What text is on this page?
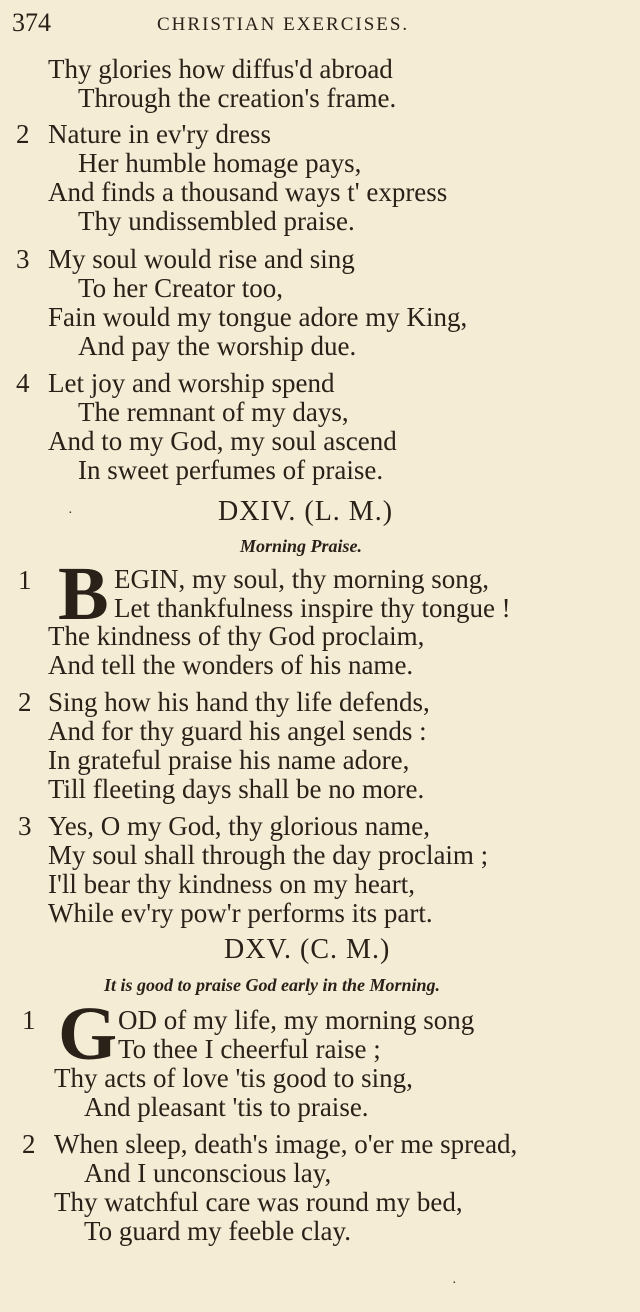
374	CHRISTIAN EXERCISES.
Thy glories how diffus'd abroad
Through the creation's frame.
2 Nature in ev'ry dress
Her humble homage pays,
And finds a thousand ways t' express
Thy undissembled praise.
3 My soul would rise and sing
To her Creator too,
Fain would my tongue adore my King,
And pay the worship due.
4 Let joy and worship spend
The remnant of my days,
And to my God, my soul ascend
In sweet perfumes of praise.
·	DXIV. (L. M.)
Morning Praise.
1 B EGIN, my soul, thy morning song,
Let thankfulness inspire thy tongue !
The kindness of thy God proclaim,
And tell the wonders of his name.
2 Sing how his hand thy life defends,
And for thy guard his angel sends :
In grateful praise his name adore,
Till fleeting days shall be no more.
3 Yes, O my God, thy glorious name,
My soul shall through the day proclaim ;
I'll bear thy kindness on my heart,
While ev'ry pow'r performs its part.
DXV. (C. M.)
It is good to praise God early in the Morning.
1 G OD of my life, my morning song
To thee I cheerful raise ;
Thy acts of love 'tis good to sing,
And pleasant 'tis to praise.
2 When sleep, death's image, o'er me spread,
And I unconscious lay,
Thy watchful care was round my bed,
To guard my feeble clay.
·
